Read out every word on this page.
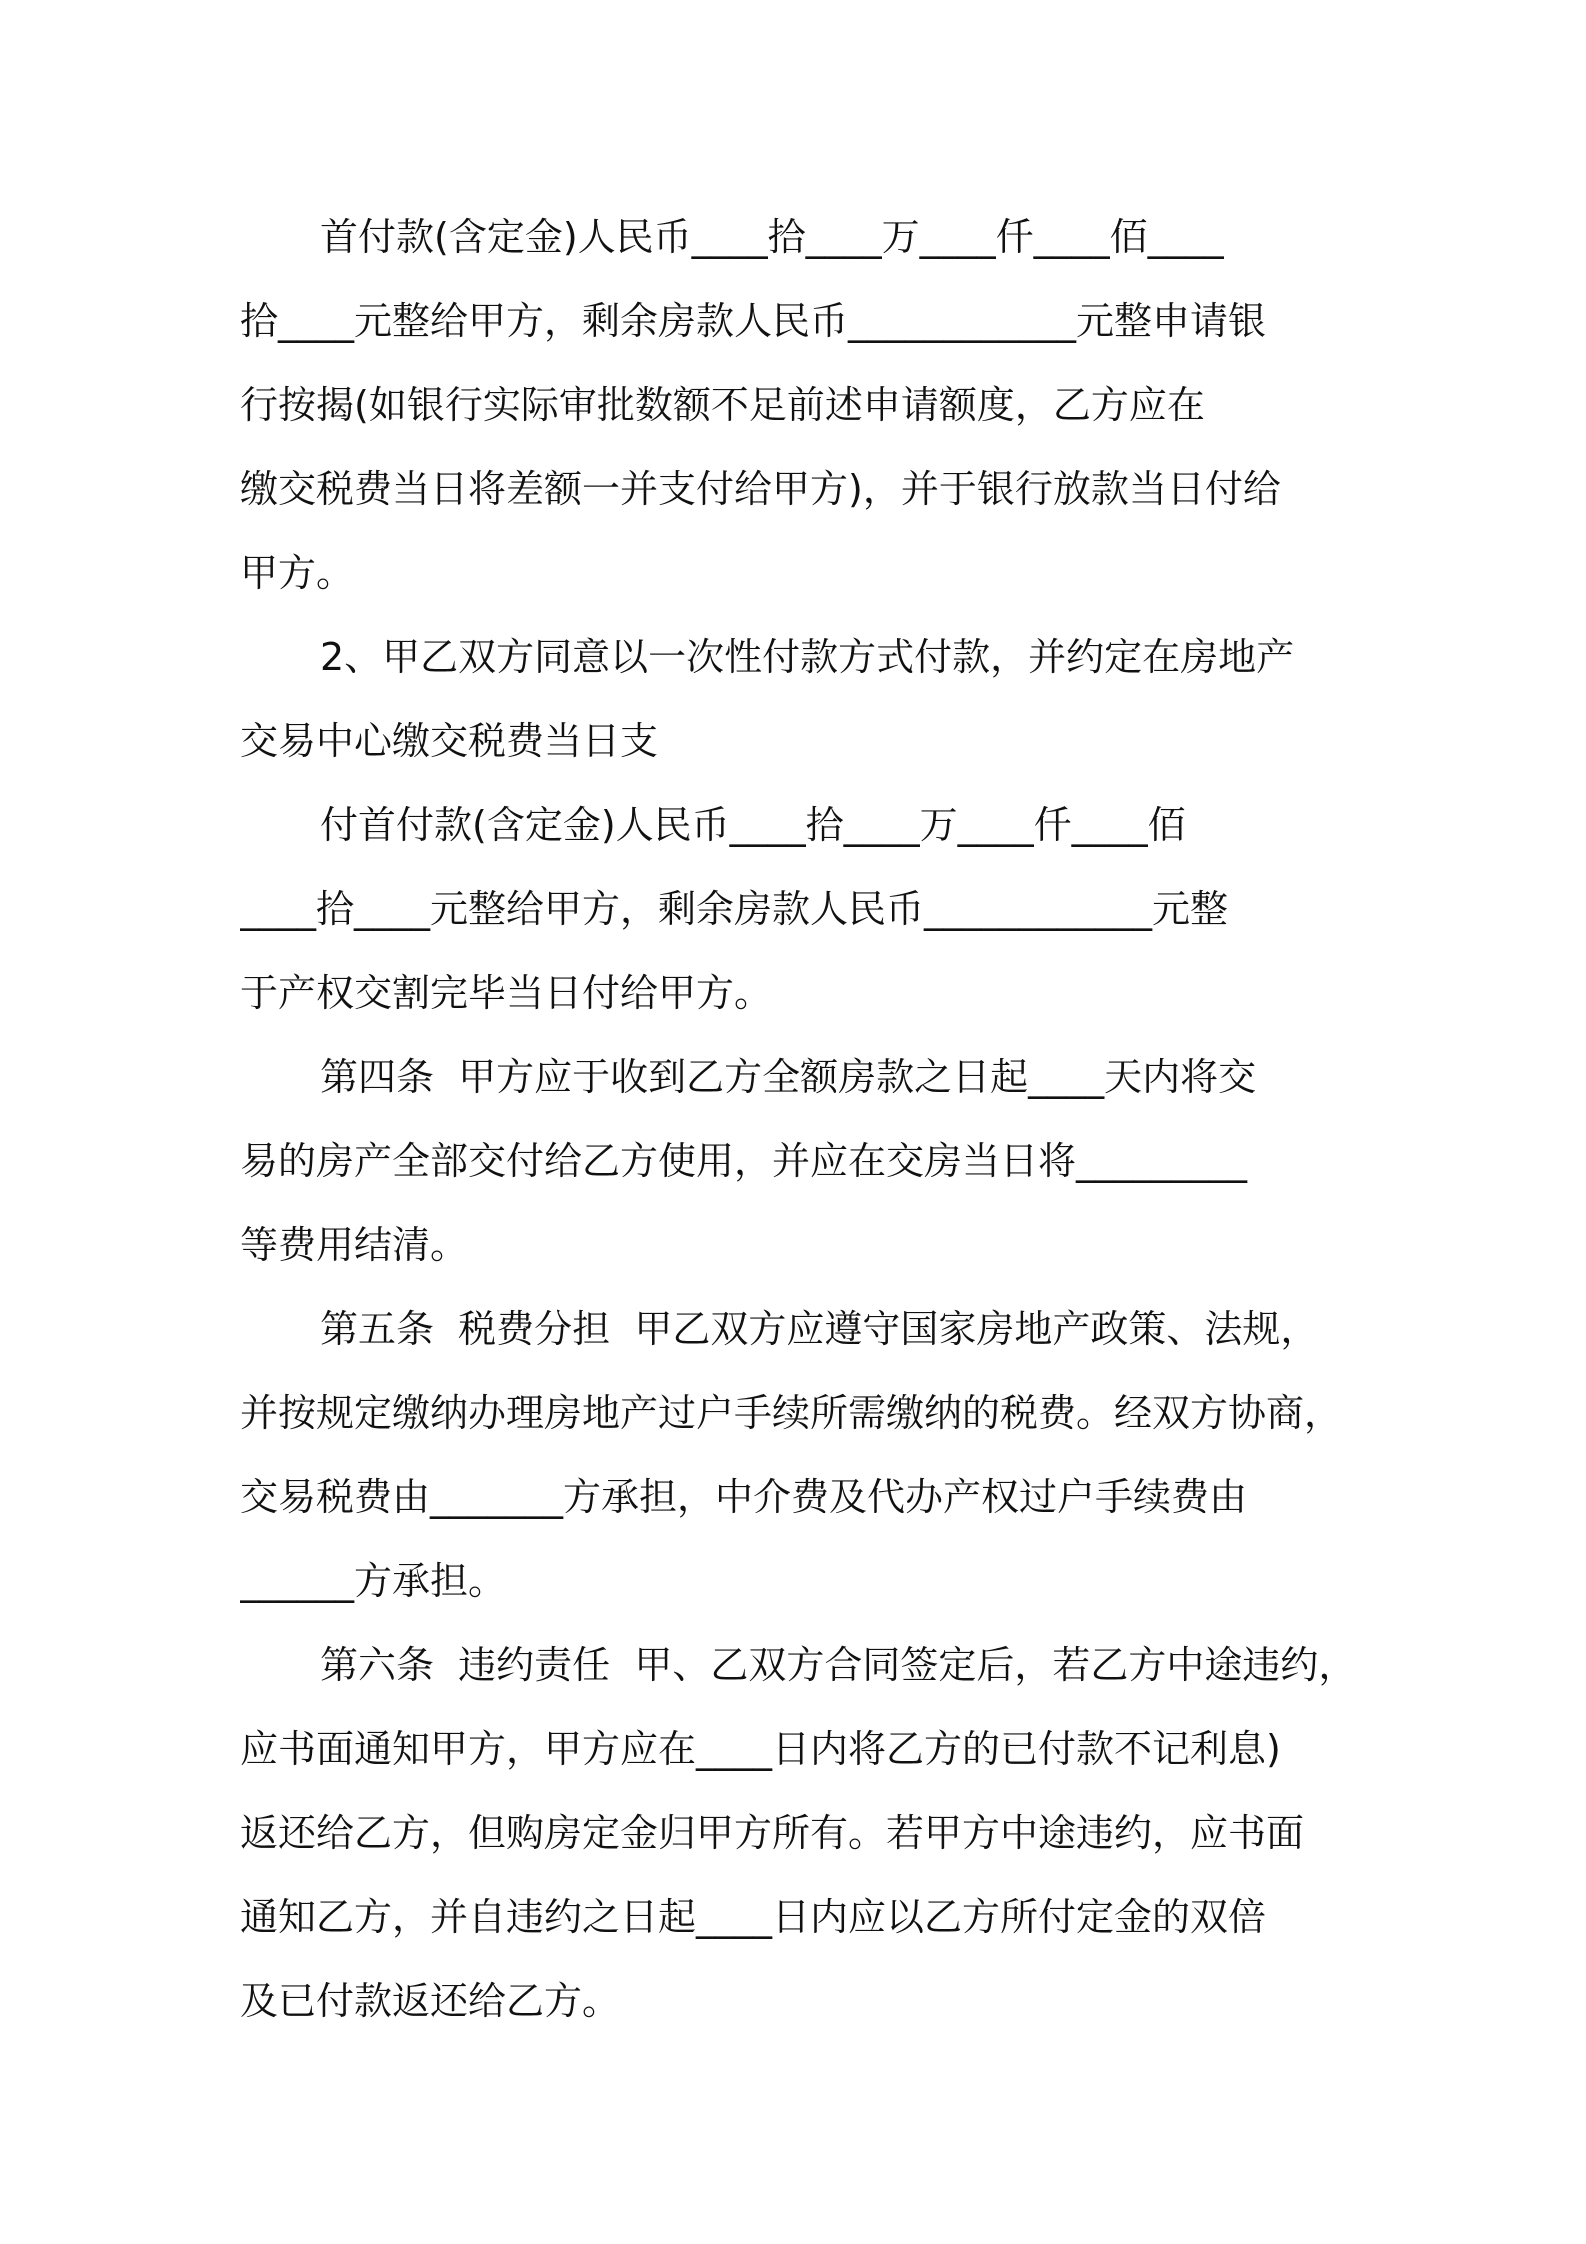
首付款(含定金)人民币____拾____万____仟____佰____
拾____元整给甲方，剩余房款人民币____________元整申请银
行按揭(如银行实际审批数额不足前述申请额度，乙方应在
缴交税费当日将差额一并支付给甲方)，并于银行放款当日付给
甲方。
2、甲乙双方同意以一次性付款方式付款，并约定在房地产
交易中心缴交税费当日支
付首付款(含定金)人民币____拾____万____仟____佰
____拾____元整给甲方，剩余房款人民币____________元整
于产权交割完毕当日付给甲方。
第四条  甲方应于收到乙方全额房款之日起____天内将交
易的房产全部交付给乙方使用，并应在交房当日将_________
等费用结清。
第五条  税费分担  甲乙双方应遵守国家房地产政策、法规，
并按规定缴纳办理房地产过户手续所需缴纳的税费。经双方协商，
交易税费由_______方承担，中介费及代办产权过户手续费由
______方承担。
第六条  违约责任  甲、乙双方合同签定后，若乙方中途违约，
应书面通知甲方，甲方应在____日内将乙方的已付款不记利息)
返还给乙方，但购房定金归甲方所有。若甲方中途违约，应书面
通知乙方，并自违约之日起____日内应以乙方所付定金的双倍
及已付款返还给乙方。
